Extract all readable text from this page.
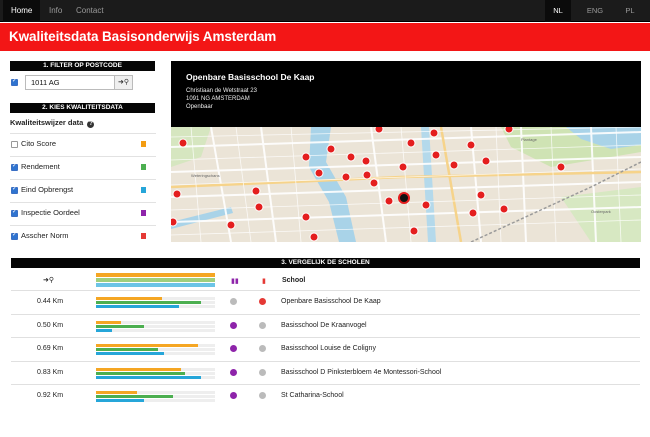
Home	Info	Contact	NL	ENG	PL
Kwaliteitsdata Basisonderwijs Amsterdam
1. FILTER OP POSTCODE
✓
1011 AG	➜⚲
2. KIES KWALITEITSDATA
Kwaliteitswijzer data ?
Cito Score
✓
Rendement
✓
Eind Opbrengst
✓
Inspectie Oordeel
✓
Asscher Norm
Openbare Basisschool De Kaap
Christiaan de Wetstraat 23
1091 NG AMSTERDAM
Openbaar
Oosterpark
Plantage
Weteringschans
3. VERGELIJK DE SCHOLEN
➜⚲	▮▮	▮ School
0.44 Km	Openbare Basisschool De Kaap
0.50 Km	Basisschool De Kraanvogel
0.69 Km	Basisschool Louise de Coligny
0.83 Km	Basisschool D Pinksterbloem 4e Montessori-School
0.92 Km	St Catharina-School
